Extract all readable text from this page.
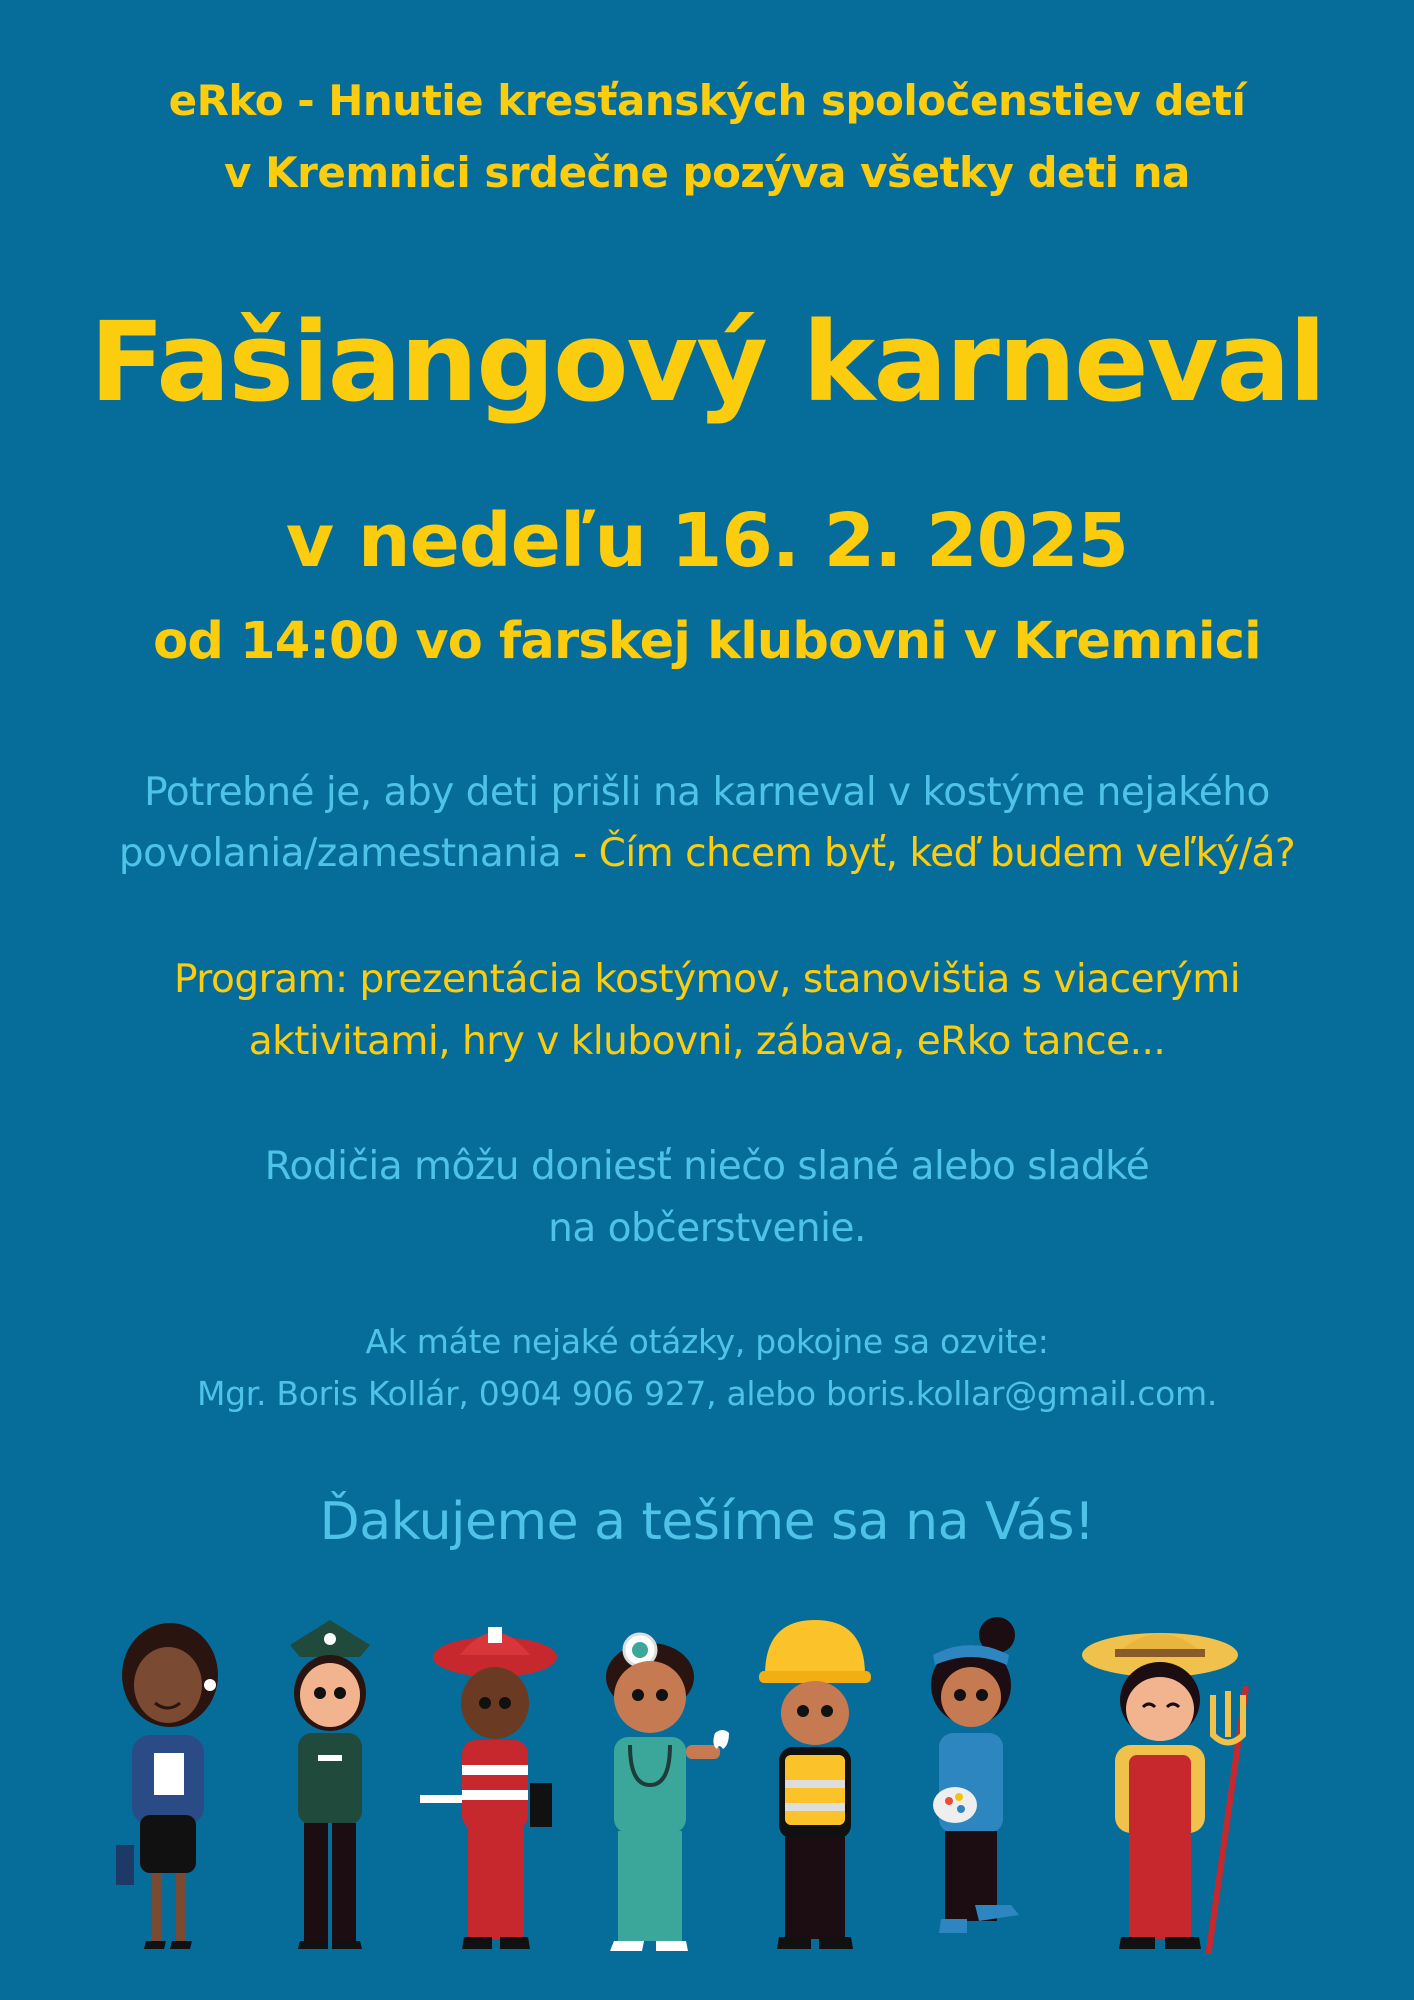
eRko - Hnutie kresťanských spoločenstiev detí
v Kremnici srdečne pozýva všetky deti na
Fašiangový karneval
v nedeľu 16. 2. 2025
od 14:00 vo farskej klubovni v Kremnici
Potrebné je, aby deti prišli na karneval v kostýme nejakého
povolania/zamestnania - Čím chcem byť, keď budem veľký/á?
Program: prezentácia kostýmov, stanovištia s viacerými
aktivitami, hry v klubovni, zábava, eRko tance...
Rodičia môžu doniesť niečo slané alebo sladké
na občerstvenie.
Ak máte nejaké otázky, pokojne sa ozvite:
Mgr. Boris Kollár, 0904 906 927, alebo boris.kollar@gmail.com.
Ďakujeme a tešíme sa na Vás!
